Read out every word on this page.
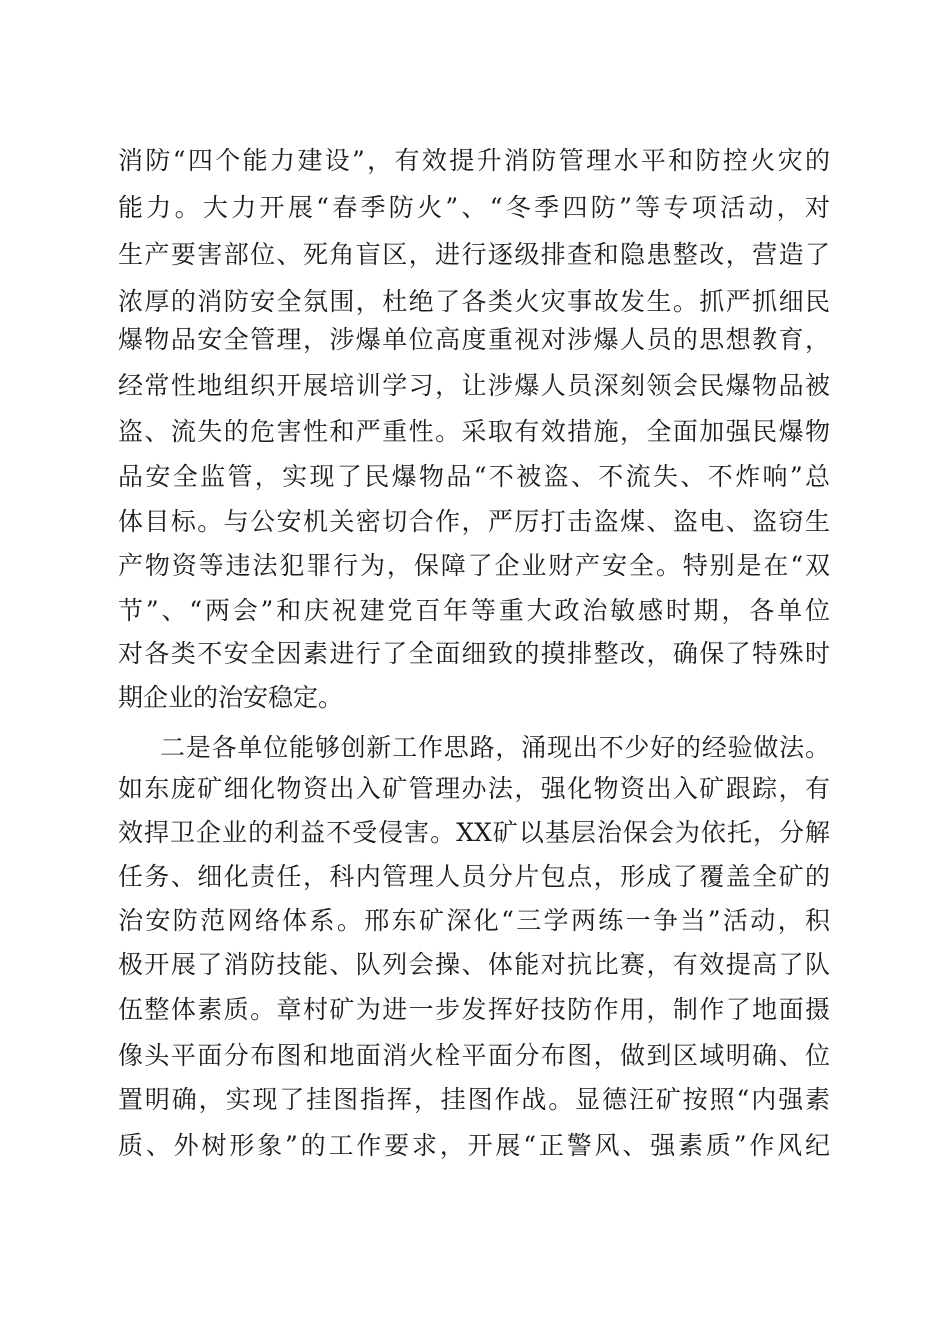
消防“四个能力建设”，有效提升消防管理水平和防控火灾的
能力。大力开展“春季防火”、“冬季四防”等专项活动，对
生产要害部位、死角盲区，进行逐级排查和隐患整改，营造了
浓厚的消防安全氛围，杜绝了各类火灾事故发生。抓严抓细民
爆物品安全管理，涉爆单位高度重视对涉爆人员的思想教育，
经常性地组织开展培训学习，让涉爆人员深刻领会民爆物品被
盗、流失的危害性和严重性。采取有效措施，全面加强民爆物
品安全监管，实现了民爆物品“不被盗、不流失、不炸响”总
体目标。与公安机关密切合作，严厉打击盗煤、盗电、盗窃生
产物资等违法犯罪行为，保障了企业财产安全。特别是在“双
节”、“两会”和庆祝建党百年等重大政治敏感时期，各单位
对各类不安全因素进行了全面细致的摸排整改，确保了特殊时
期企业的治安稳定。
二是各单位能够创新工作思路，涌现出不少好的经验做法。
如东庞矿细化物资出入矿管理办法，强化物资出入矿跟踪，有
效捍卫企业的利益不受侵害。XX矿以基层治保会为依托，分解
任务、细化责任，科内管理人员分片包点，形成了覆盖全矿的
治安防范网络体系。邢东矿深化“三学两练一争当”活动，积
极开展了消防技能、队列会操、体能对抗比赛，有效提高了队
伍整体素质。章村矿为进一步发挥好技防作用，制作了地面摄
像头平面分布图和地面消火栓平面分布图，做到区域明确、位
置明确，实现了挂图指挥，挂图作战。显德汪矿按照“内强素
质、外树形象”的工作要求，开展“正警风、强素质”作风纪
